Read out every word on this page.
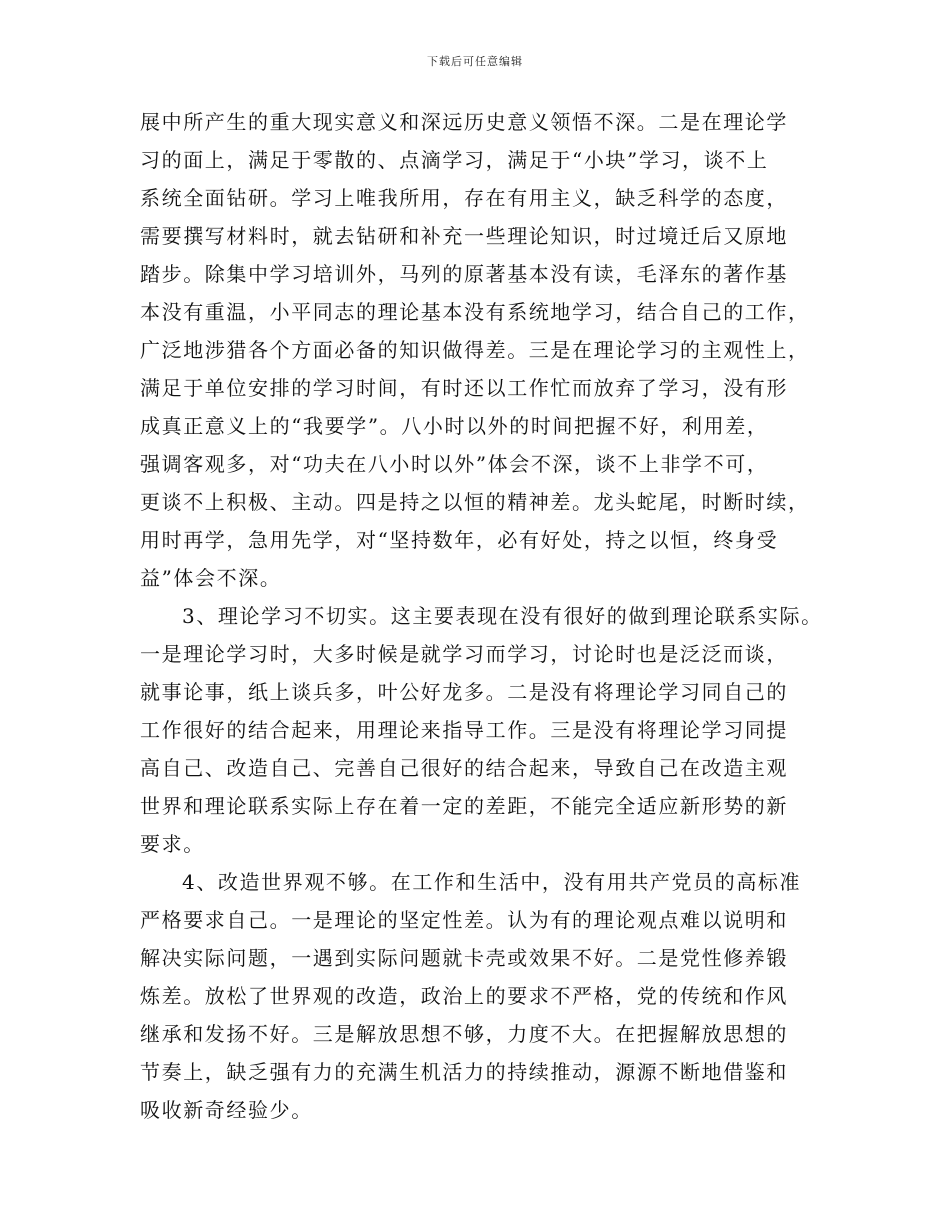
下载后可任意编辑
展中所产生的重大现实意义和深远历史意义领悟不深。二是在理论学
习的面上，满足于零散的、点滴学习，满足于“小块”学习，谈不上
系统全面钻研。学习上唯我所用，存在有用主义，缺乏科学的态度，
需要撰写材料时，就去钻研和补充一些理论知识，时过境迁后又原地
踏步。除集中学习培训外，马列的原著基本没有读，毛泽东的著作基
本没有重温，小平同志的理论基本没有系统地学习，结合自己的工作，
广泛地涉猎各个方面必备的知识做得差。三是在理论学习的主观性上，
满足于单位安排的学习时间，有时还以工作忙而放弃了学习，没有形
成真正意义上的“我要学”。八小时以外的时间把握不好，利用差，
强调客观多，对“功夫在八小时以外”体会不深，谈不上非学不可，
更谈不上积极、主动。四是持之以恒的精神差。龙头蛇尾，时断时续，
用时再学，急用先学，对“坚持数年，必有好处，持之以恒，终身受
益”体会不深。
3、理论学习不切实。这主要表现在没有很好的做到理论联系实际。
一是理论学习时，大多时候是就学习而学习，讨论时也是泛泛而谈，
就事论事，纸上谈兵多，叶公好龙多。二是没有将理论学习同自己的
工作很好的结合起来，用理论来指导工作。三是没有将理论学习同提
高自己、改造自己、完善自己很好的结合起来，导致自己在改造主观
世界和理论联系实际上存在着一定的差距，不能完全适应新形势的新
要求。
4、改造世界观不够。在工作和生活中，没有用共产党员的高标准
严格要求自己。一是理论的坚定性差。认为有的理论观点难以说明和
解决实际问题，一遇到实际问题就卡壳或效果不好。二是党性修养锻
炼差。放松了世界观的改造，政治上的要求不严格，党的传统和作风
继承和发扬不好。三是解放思想不够，力度不大。在把握解放思想的
节奏上，缺乏强有力的充满生机活力的持续推动，源源不断地借鉴和
吸收新奇经验少。
